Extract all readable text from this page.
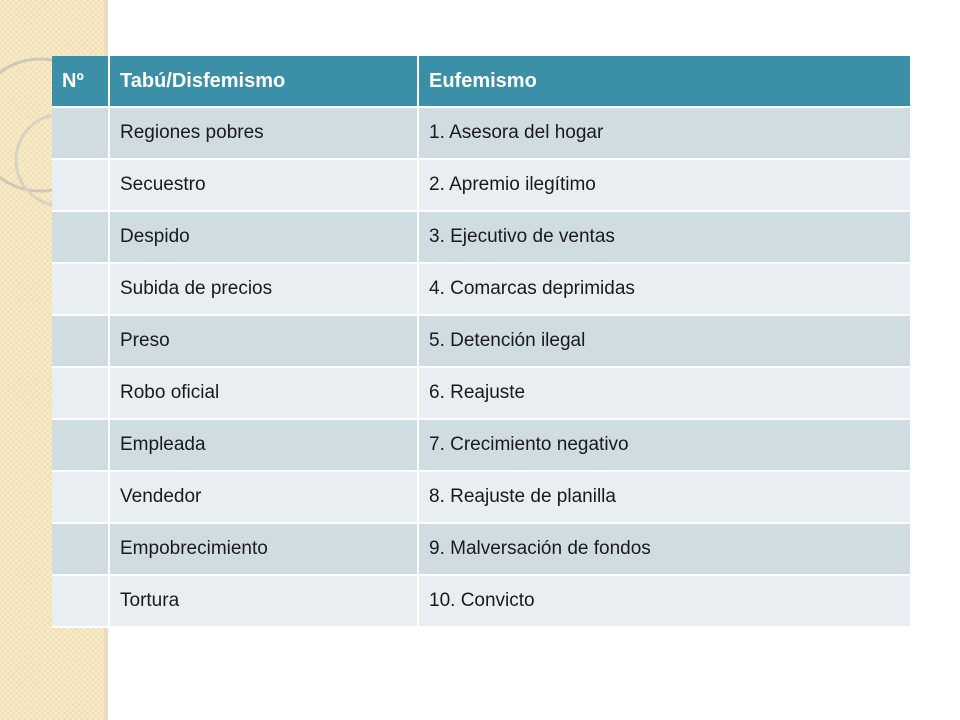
Nº	Tabú/Disfemismo	Eufemismo
	Regiones pobres	1. Asesora del hogar
	Secuestro	2. Apremio ilegítimo
	Despido	3. Ejecutivo de ventas
	Subida de precios	4. Comarcas deprimidas
	Preso	5. Detención ilegal
	Robo oficial	6. Reajuste
	Empleada	7. Crecimiento negativo
	Vendedor	8. Reajuste de planilla
	Empobrecimiento	9. Malversación de fondos
	Tortura	10. Convicto
